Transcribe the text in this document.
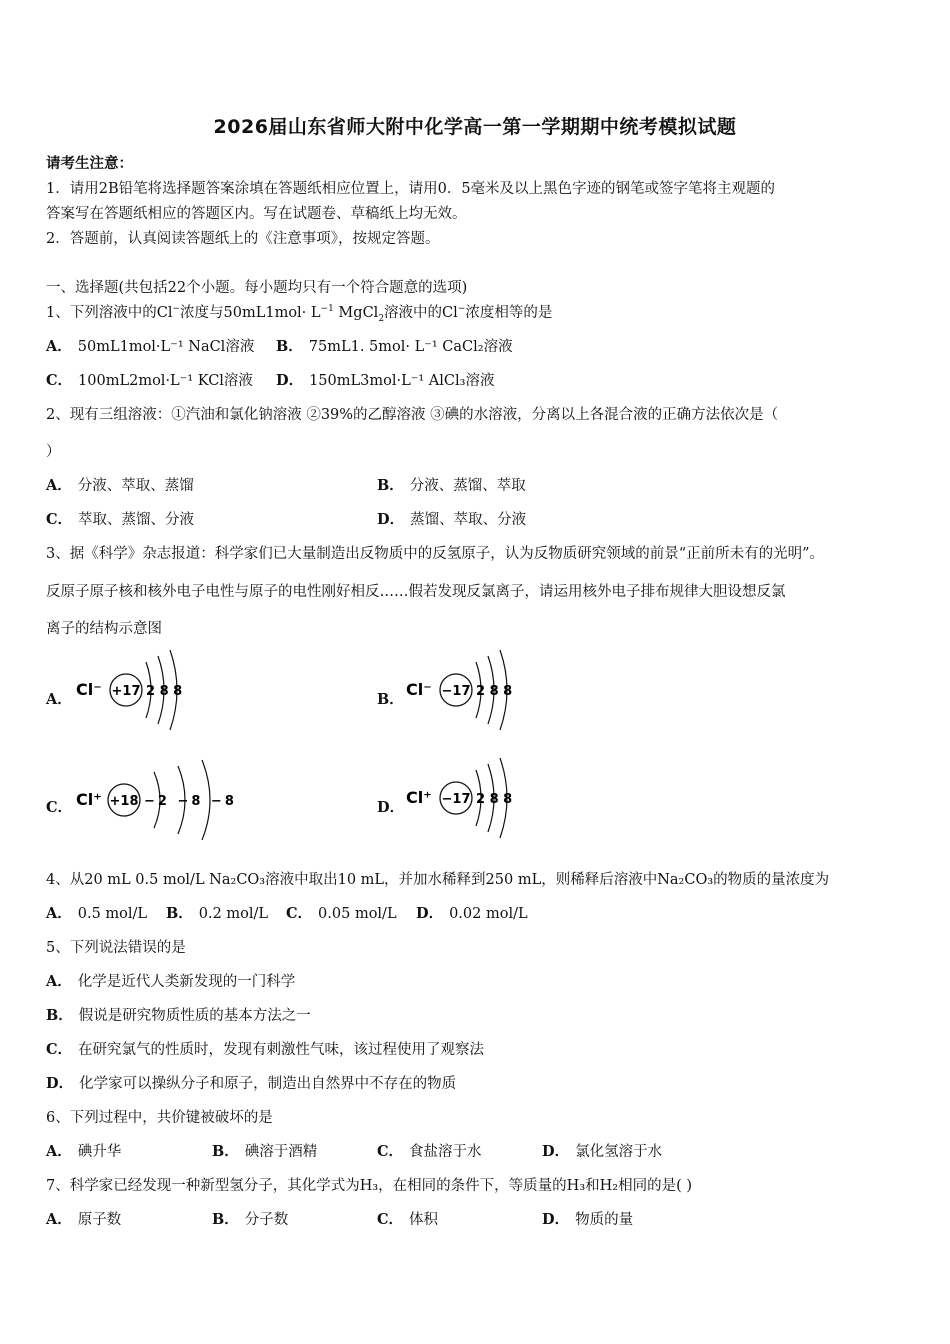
2026届山东省师大附中化学高一第一学期期中统考模拟试题
请考生注意：
1．请用2B铅笔将选择题答案涂填在答题纸相应位置上，请用0．5毫米及以上黑色字迹的钢笔或签字笔将主观题的
答案写在答题纸相应的答题区内。写在试题卷、草稿纸上均无效。
2．答题前，认真阅读答题纸上的《注意事项》，按规定答题。
一、选择题(共包括22个小题。每小题均只有一个符合题意的选项)
1、下列溶液中的Cl−浓度与$50mL1mol\cdot L^{-1}$ MgCl$_2$溶液中的Cl−浓度相等的是
A． 50mL1mol·L⁻¹ NaCl溶液 B． 75mL1. 5mol· L⁻¹ CaCl₂溶液
C． 100mL2mol·L⁻¹ KCl溶液 D． 150mL3mol·L⁻¹ AlCl₃溶液
2、现有三组溶液：①汽油和氯化钠溶液 ②39%的乙醇溶液 ③碘的水溶液，分离以上各混合液的正确方法依次是（
）
A． 分液、萃取、蒸馏	B． 分液、蒸馏、萃取
C． 萃取、蒸馏、分液	D． 蒸馏、萃取、分液
3、据《科学》杂志报道：科学家们已大量制造出反物质中的反氢原子，认为反物质研究领域的前景“正前所未有的光明”。
反原子原子核和核外电子电性与原子的电性刚好相反……假若发现反氯离子，请运用核外电子排布规律大胆设想反氯
离子的结构示意图
A．
Cl⁻ +17 2 8 8	B．
Cl⁻ −17 2 8 8
C． Cl⁺ +18 −2 −8 −8	D．
Cl⁺ −17 2 8 8
4、从20 mL 0.5 mol/L Na₂CO₃溶液中取出10 mL，并加水稀释到250 mL，则稀释后溶液中Na₂CO₃的物质的量浓度为
A． 0.5 mol/L B． 0.2 mol/L C． 0.05 mol/L D． 0.02 mol/L
5、下列说法错误的是
A． 化学是近代人类新发现的一门科学
B． 假说是研究物质性质的基本方法之一
C． 在研究氯气的性质时，发现有刺激性气味，该过程使用了观察法
D． 化学家可以操纵分子和原子，制造出自然界中不存在的物质
6、下列过程中，共价键被破坏的是
A． 碘升华	B． 碘溶于酒精	C． 食盐溶于水	D． 氯化氢溶于水
7、科学家已经发现一种新型氢分子，其化学式为H₃，在相同的条件下，等质量的H₃和H₂相同的是( )
A． 原子数	B． 分子数	C． 体积	D． 物质的量
